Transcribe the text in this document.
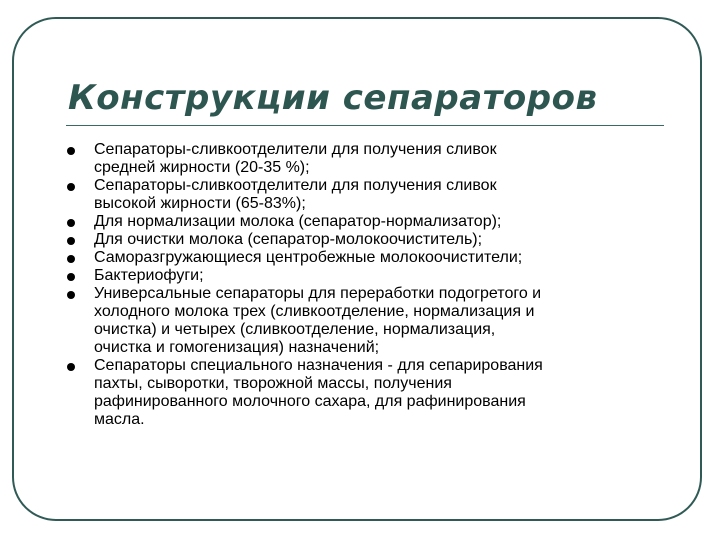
Конструкции сепараторов
Сепараторы-сливкоотделители для получения сливок
средней жирности (20-35 %);
Сепараторы-сливкоотделители для получения сливок
высокой жирности (65-83%);
Для нормализации молока (сепаратор-нормализатор);
Для очистки молока (сепаратор-молокоочиститель);
Саморазгружающиеся центробежные молокоочистители;
Бактериофуги;
Универсальные сепараторы для переработки подогретого и
холодного молока трех (сливкоотделение, нормализация и
очистка) и четырех (сливкоотделение, нормализация,
очистка и гомогенизация) назначений;
Сепараторы специального назначения - для сепарирования
пахты, сыворотки, творожной массы, получения
рафинированного молочного сахара, для рафинирования
масла.
